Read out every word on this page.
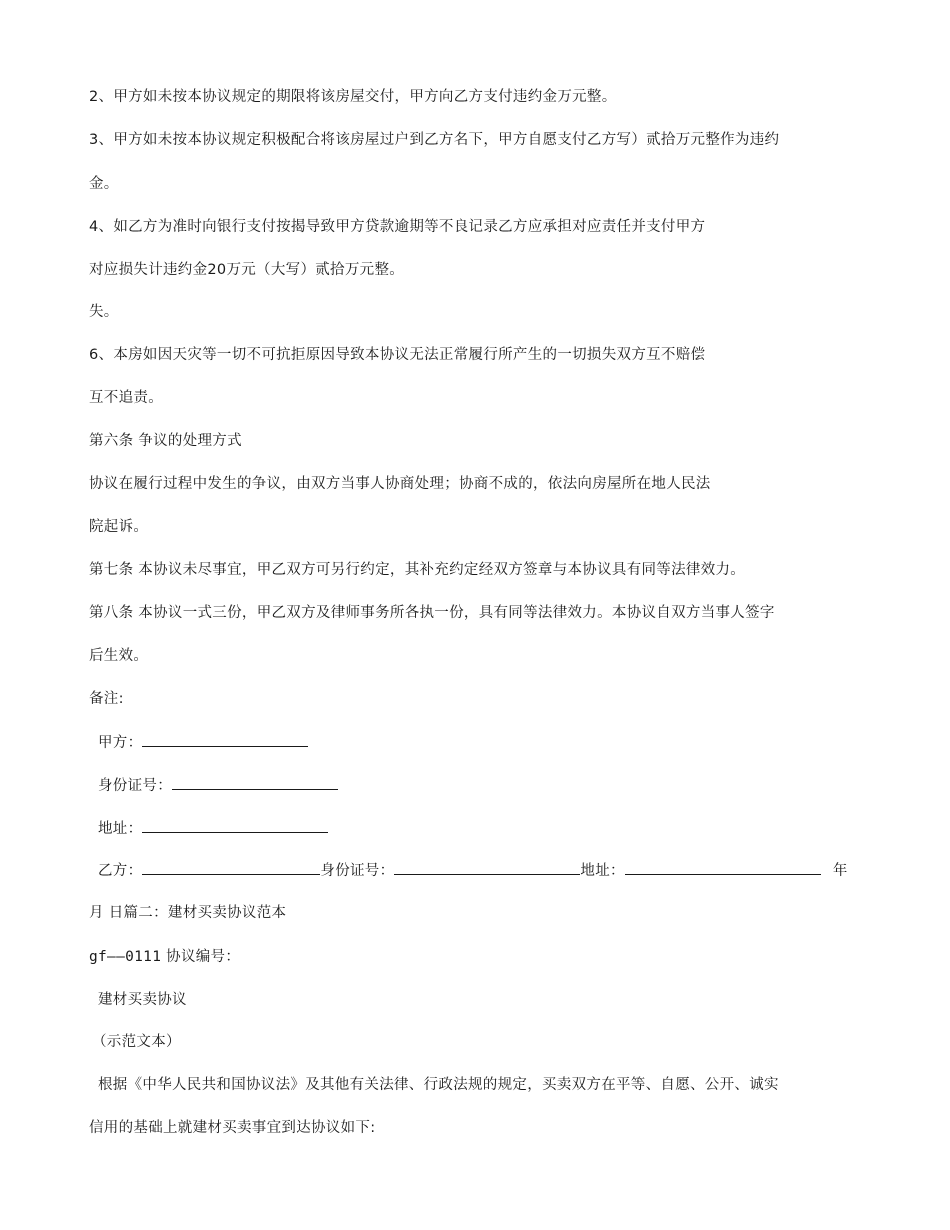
2、甲方如未按本协议规定的期限将该房屋交付，甲方向乙方支付违约金万元整。
3、甲方如未按本协议规定积极配合将该房屋过户到乙方名下，甲方自愿支付乙方写）贰拾万元整作为违约
金。
4、如乙方为准时向银行支付按揭导致甲方贷款逾期等不良记录乙方应承担对应责任并支付甲方
对应损失计违约金20万元（大写）贰拾万元整。
失。
6、本房如因天灾等一切不可抗拒原因导致本协议无法正常履行所产生的一切损失双方互不赔偿
互不追责。
第六条 争议的处理方式
协议在履行过程中发生的争议，由双方当事人协商处理；协商不成的，依法向房屋所在地人民法
院起诉。
第七条 本协议未尽事宜，甲乙双方可另行约定，其补充约定经双方签章与本协议具有同等法律效力。
第八条 本协议一式三份，甲乙双方及律师事务所各执一份，具有同等法律效力。本协议自双方当事人签字
后生效。
备注:
甲方：
身份证号：
地址：
乙方：	身份证号：	地址：	年
月 日篇二：建材买卖协议范本
gf——0111 协议编号：
建材买卖协议
（示范文本）
根据《中华人民共和国协议法》及其他有关法律、行政法规的规定，买卖双方在平等、自愿、公开、诚实
信用的基础上就建材买卖事宜到达协议如下:
